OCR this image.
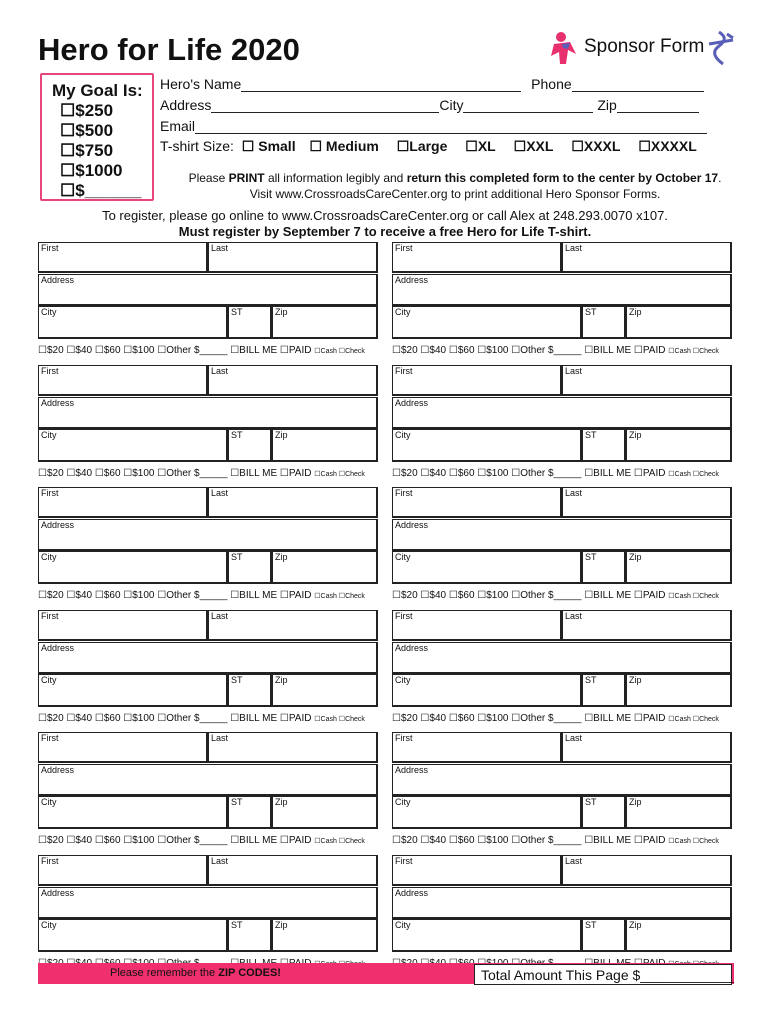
Hero for Life 2020	Sponsor Form
My Goal Is:
☐$250
☐$500
☐$750
☐$1000
☐$______
Hero's Name	Phone
Address	City	Zip
Email
T-shirt Size: ☐ Small ☐ Medium ☐Large ☐XL ☐XXL ☐XXXL ☐XXXXL
Please PRINT all information legibly and return this completed form to the center by October 17.
Visit www.CrossroadsCareCenter.org to print additional Hero Sponsor Forms.
To register, please go online to www.CrossroadsCareCenter.org or call Alex at 248.293.0070 x107.
Must register by September 7 to receive a free Hero for Life T-shirt.
First	Last
Address
City	ST	Zip
☐$20 ☐$40 ☐$60 ☐$100 ☐Other $_____ ☐BILL ME ☐PAID ☐Cash ☐Check
First	Last
Address
City	ST	Zip
☐$20 ☐$40 ☐$60 ☐$100 ☐Other $_____ ☐BILL ME ☐PAID ☐Cash ☐Check
First	Last
Address
City	ST	Zip
☐$20 ☐$40 ☐$60 ☐$100 ☐Other $_____ ☐BILL ME ☐PAID ☐Cash ☐Check
First	Last
Address
City	ST	Zip
☐$20 ☐$40 ☐$60 ☐$100 ☐Other $_____ ☐BILL ME ☐PAID ☐Cash ☐Check
First	Last
Address
City	ST	Zip
☐$20 ☐$40 ☐$60 ☐$100 ☐Other $_____ ☐BILL ME ☐PAID ☐Cash ☐Check
First	Last
Address
City	ST	Zip
☐$20 ☐$40 ☐$60 ☐$100 ☐Other $_____ ☐BILL ME ☐PAID ☐Cash ☐Check
First	Last
Address
City	ST	Zip
☐$20 ☐$40 ☐$60 ☐$100 ☐Other $_____ ☐BILL ME ☐PAID ☐Cash ☐Check
First	Last
Address
City	ST	Zip
☐$20 ☐$40 ☐$60 ☐$100 ☐Other $_____ ☐BILL ME ☐PAID ☐Cash ☐Check
First	Last
Address
City	ST	Zip
☐$20 ☐$40 ☐$60 ☐$100 ☐Other $_____ ☐BILL ME ☐PAID ☐Cash ☐Check
First	Last
Address
City	ST	Zip
☐$20 ☐$40 ☐$60 ☐$100 ☐Other $_____ ☐BILL ME ☐PAID ☐Cash ☐Check
First	Last
Address
City	ST	Zip
First	Last
Address
City	ST	Zip
Please remember the ZIP CODES!	Total Amount This Page $____________
